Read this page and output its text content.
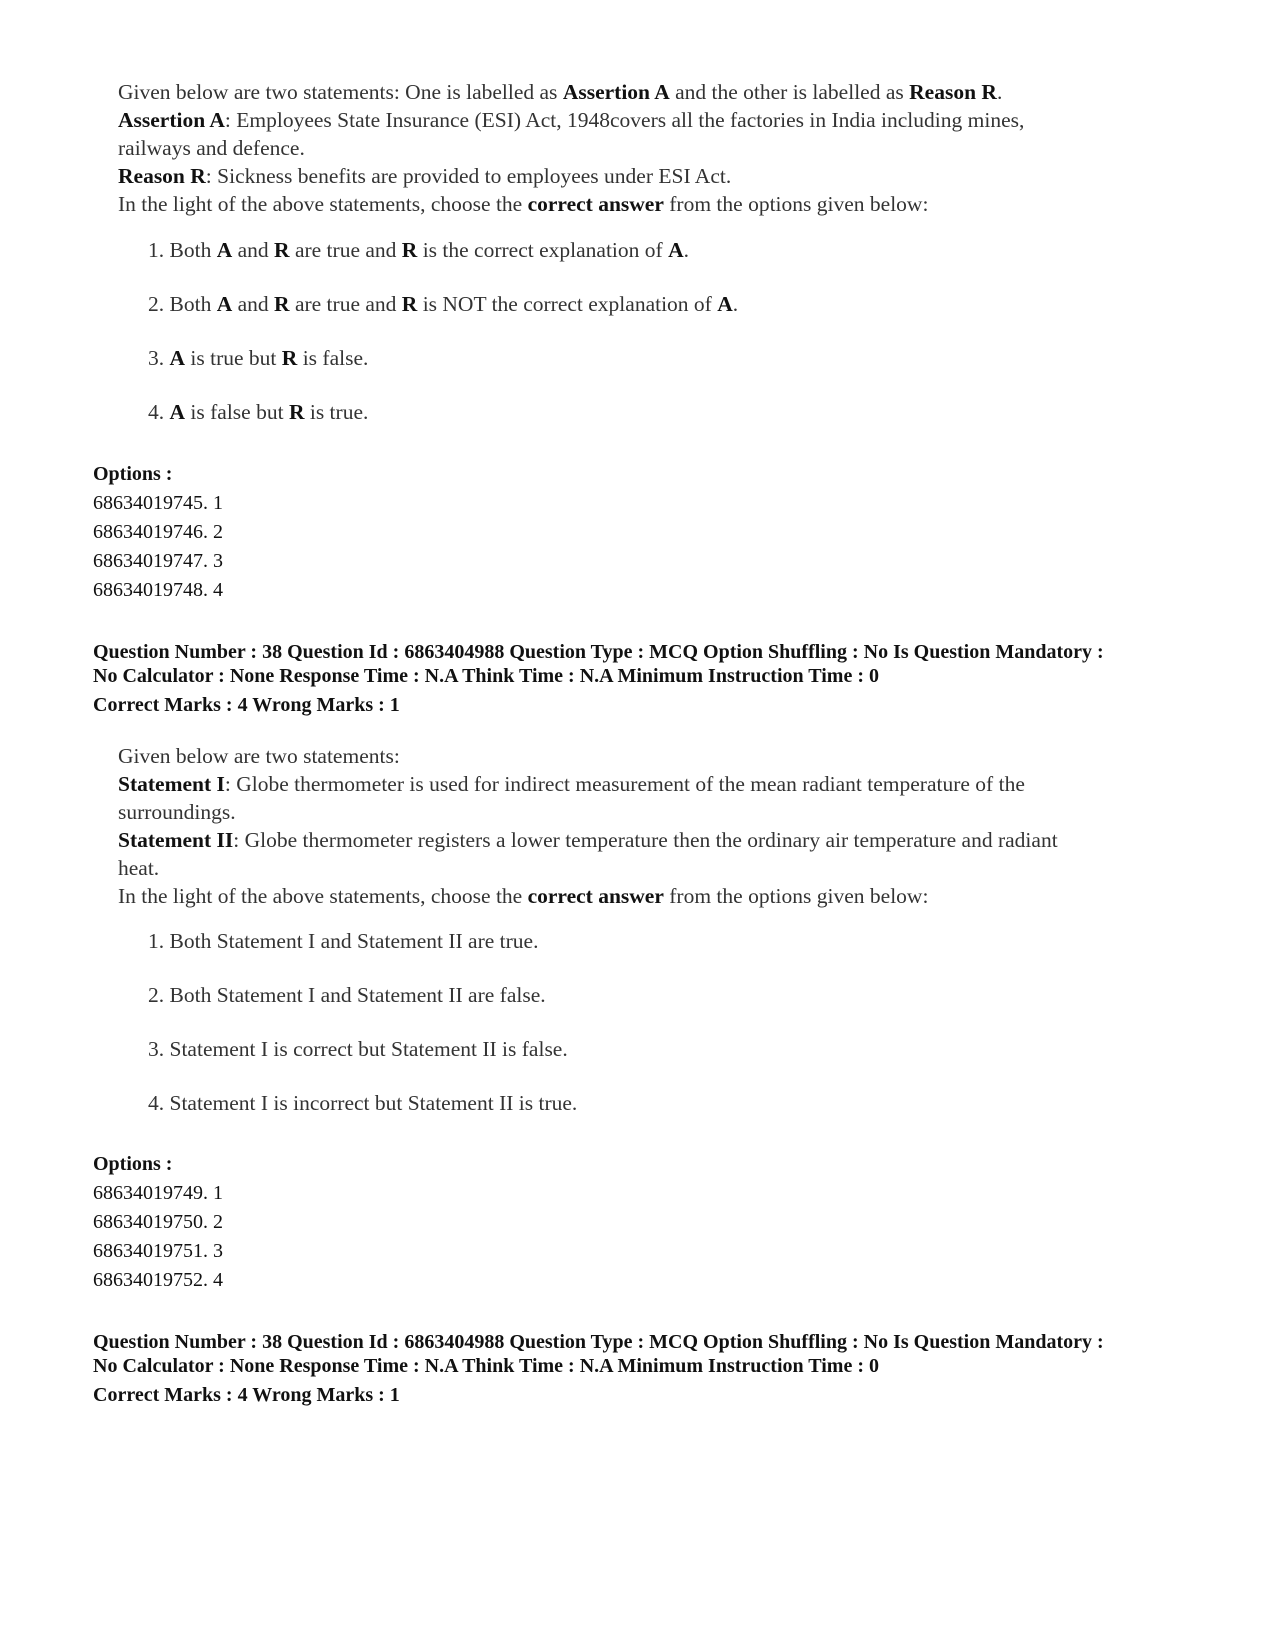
Given below are two statements: One is labelled as Assertion A and the other is labelled as Reason R.
Assertion A: Employees State Insurance (ESI) Act, 1948covers all the factories in India including mines,
railways and defence.
Reason R: Sickness benefits are provided to employees under ESI Act.
In the light of the above statements, choose the correct answer from the options given below:
1. Both A and R are true and R is the correct explanation of A.
2. Both A and R are true and R is NOT the correct explanation of A.
3. A is true but R is false.
4. A is false but R is true.
Options :
68634019745. 1
68634019746. 2
68634019747. 3
68634019748. 4
Question Number : 38 Question Id : 6863404988 Question Type : MCQ Option Shuffling : No Is Question Mandatory :
No Calculator : None Response Time : N.A Think Time : N.A Minimum Instruction Time : 0
Correct Marks : 4 Wrong Marks : 1
Given below are two statements:
Statement I: Globe thermometer is used for indirect measurement of the mean radiant temperature of the
surroundings.
Statement II: Globe thermometer registers a lower temperature then the ordinary air temperature and radiant
heat.
In the light of the above statements, choose the correct answer from the options given below:
1. Both Statement I and Statement II are true.
2. Both Statement I and Statement II are false.
3. Statement I is correct but Statement II is false.
4. Statement I is incorrect but Statement II is true.
Options :
68634019749. 1
68634019750. 2
68634019751. 3
68634019752. 4
Question Number : 38 Question Id : 6863404988 Question Type : MCQ Option Shuffling : No Is Question Mandatory :
No Calculator : None Response Time : N.A Think Time : N.A Minimum Instruction Time : 0
Correct Marks : 4 Wrong Marks : 1
